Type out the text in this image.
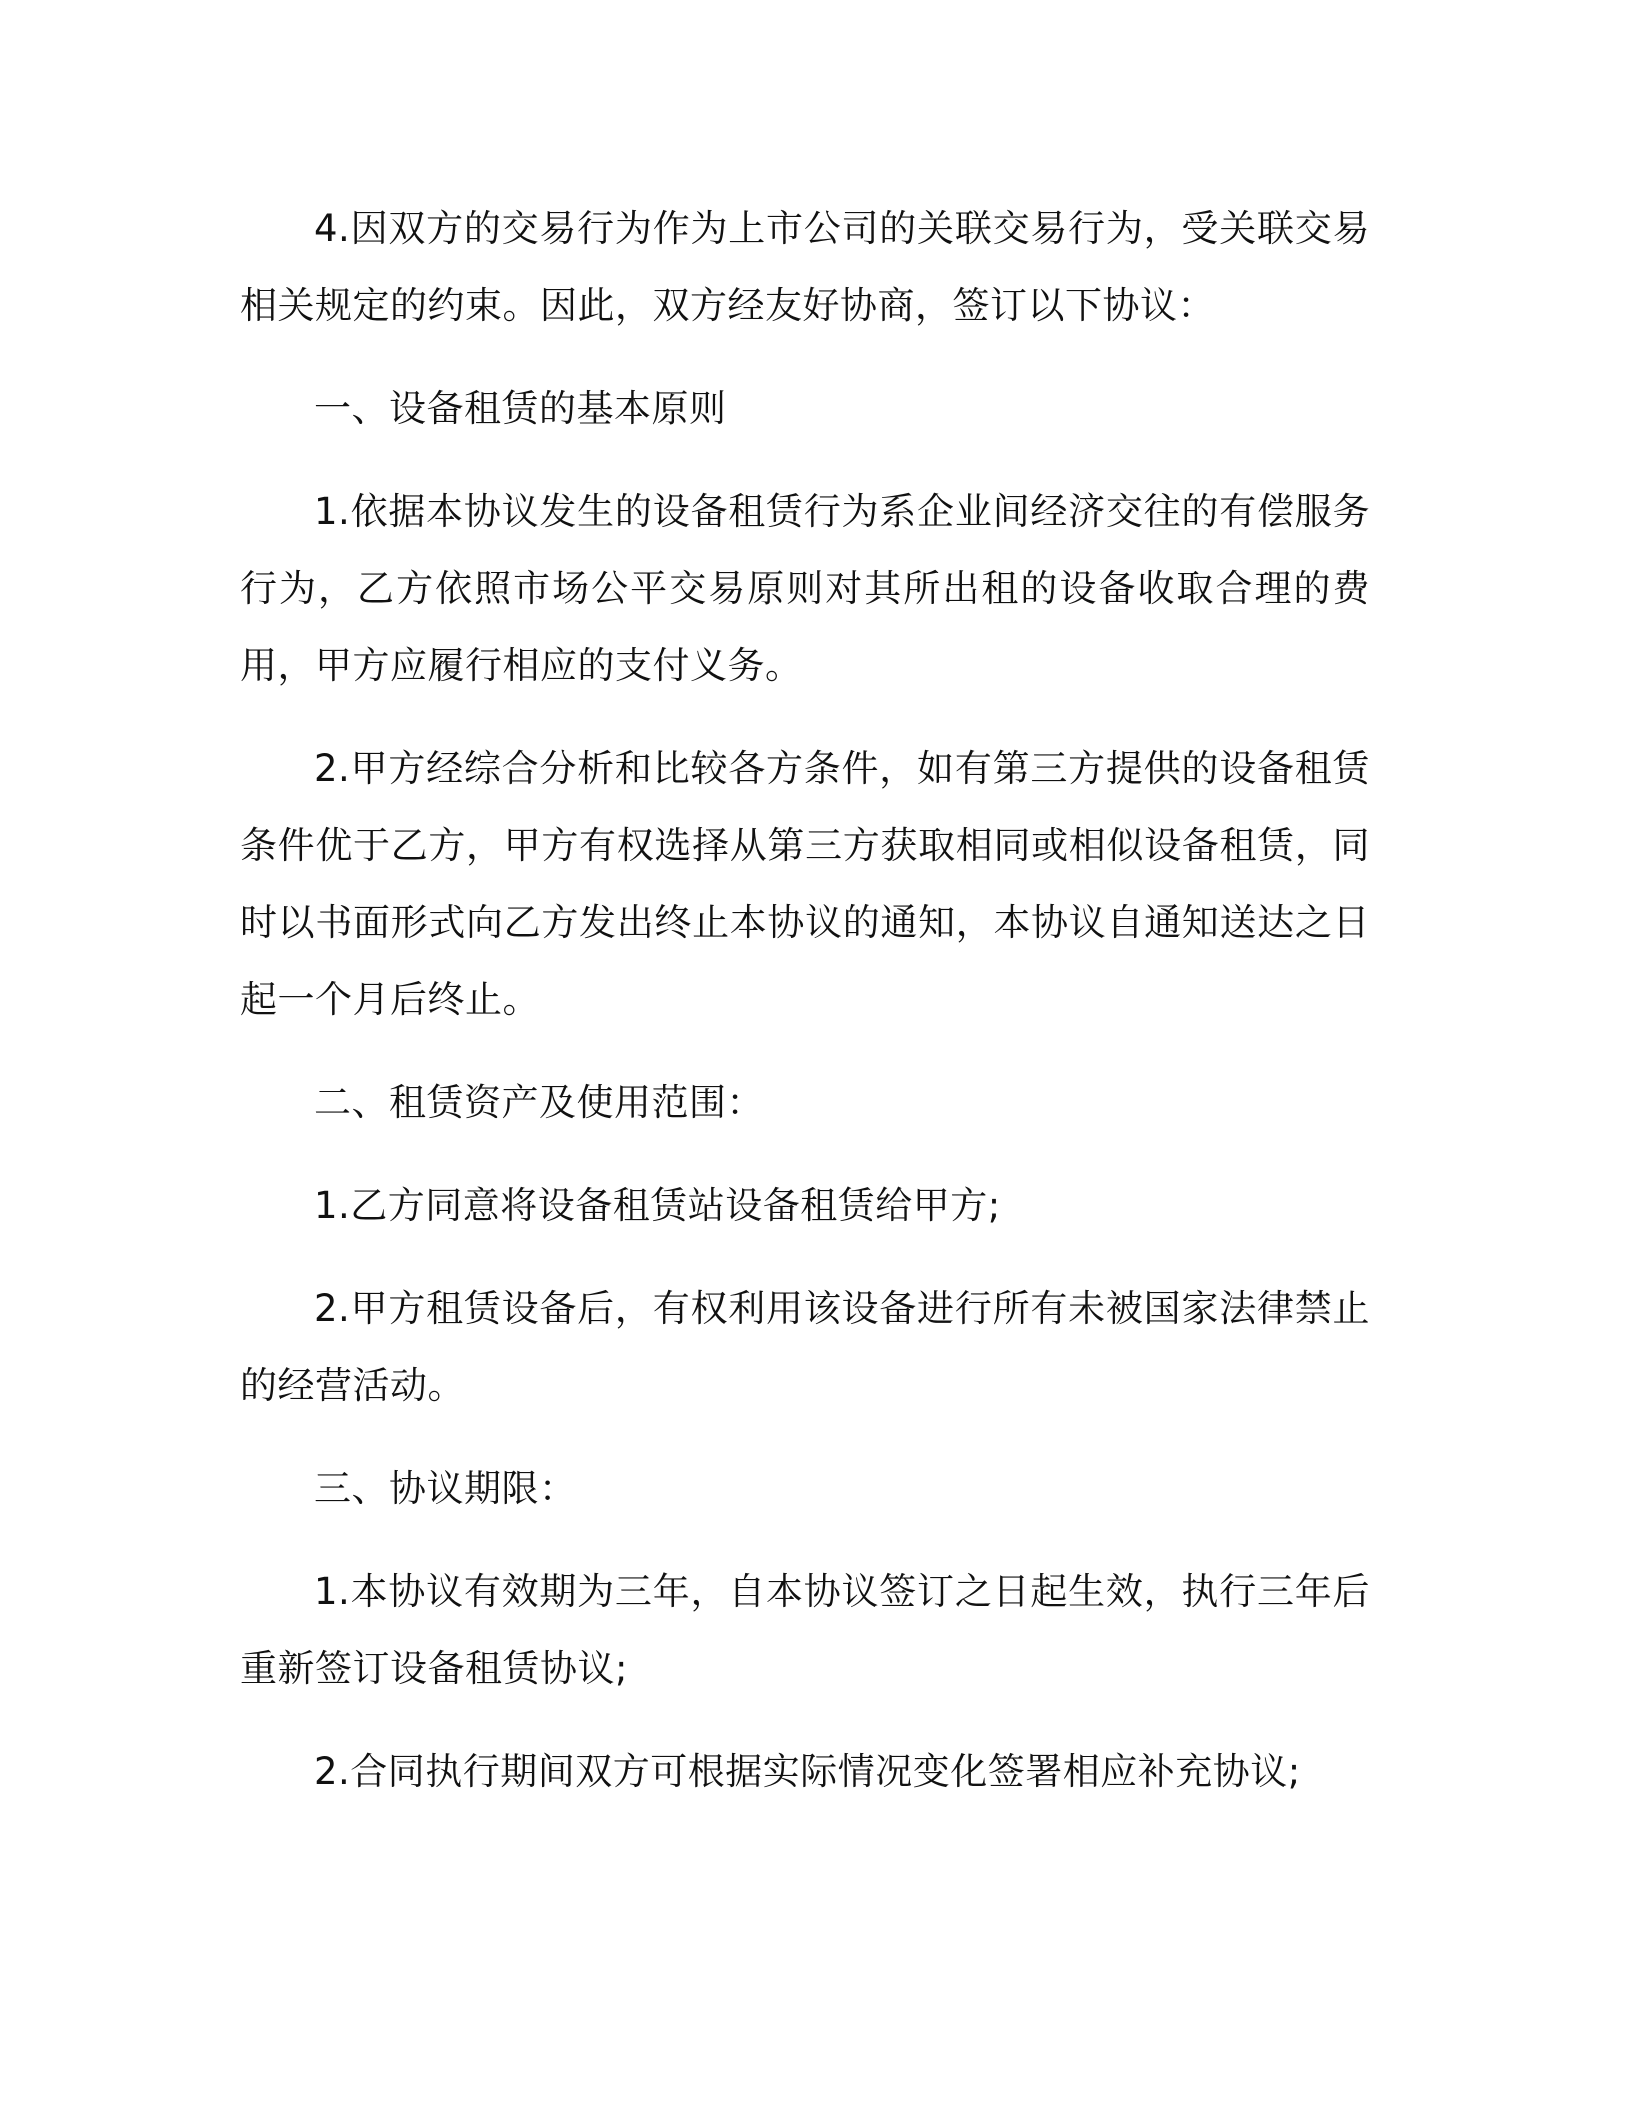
4.因双方的交易行为作为上市公司的关联交易行为，受关联交易相关规定的约束。因此，双方经友好协商，签订以下协议：

一、设备租赁的基本原则

1.依据本协议发生的设备租赁行为系企业间经济交往的有偿服务行为，乙方依照市场公平交易原则对其所出租的设备收取合理的费用，甲方应履行相应的支付义务。

2.甲方经综合分析和比较各方条件，如有第三方提供的设备租赁条件优于乙方，甲方有权选择从第三方获取相同或相似设备租赁，同时以书面形式向乙方发出终止本协议的通知，本协议自通知送达之日起一个月后终止。

二、租赁资产及使用范围：

1.乙方同意将设备租赁站设备租赁给甲方;

2.甲方租赁设备后，有权利用该设备进行所有未被国家法律禁止的经营活动。

三、协议期限：

1.本协议有效期为三年，自本协议签订之日起生效，执行三年后重新签订设备租赁协议;

2.合同执行期间双方可根据实际情况变化签署相应补充协议;
